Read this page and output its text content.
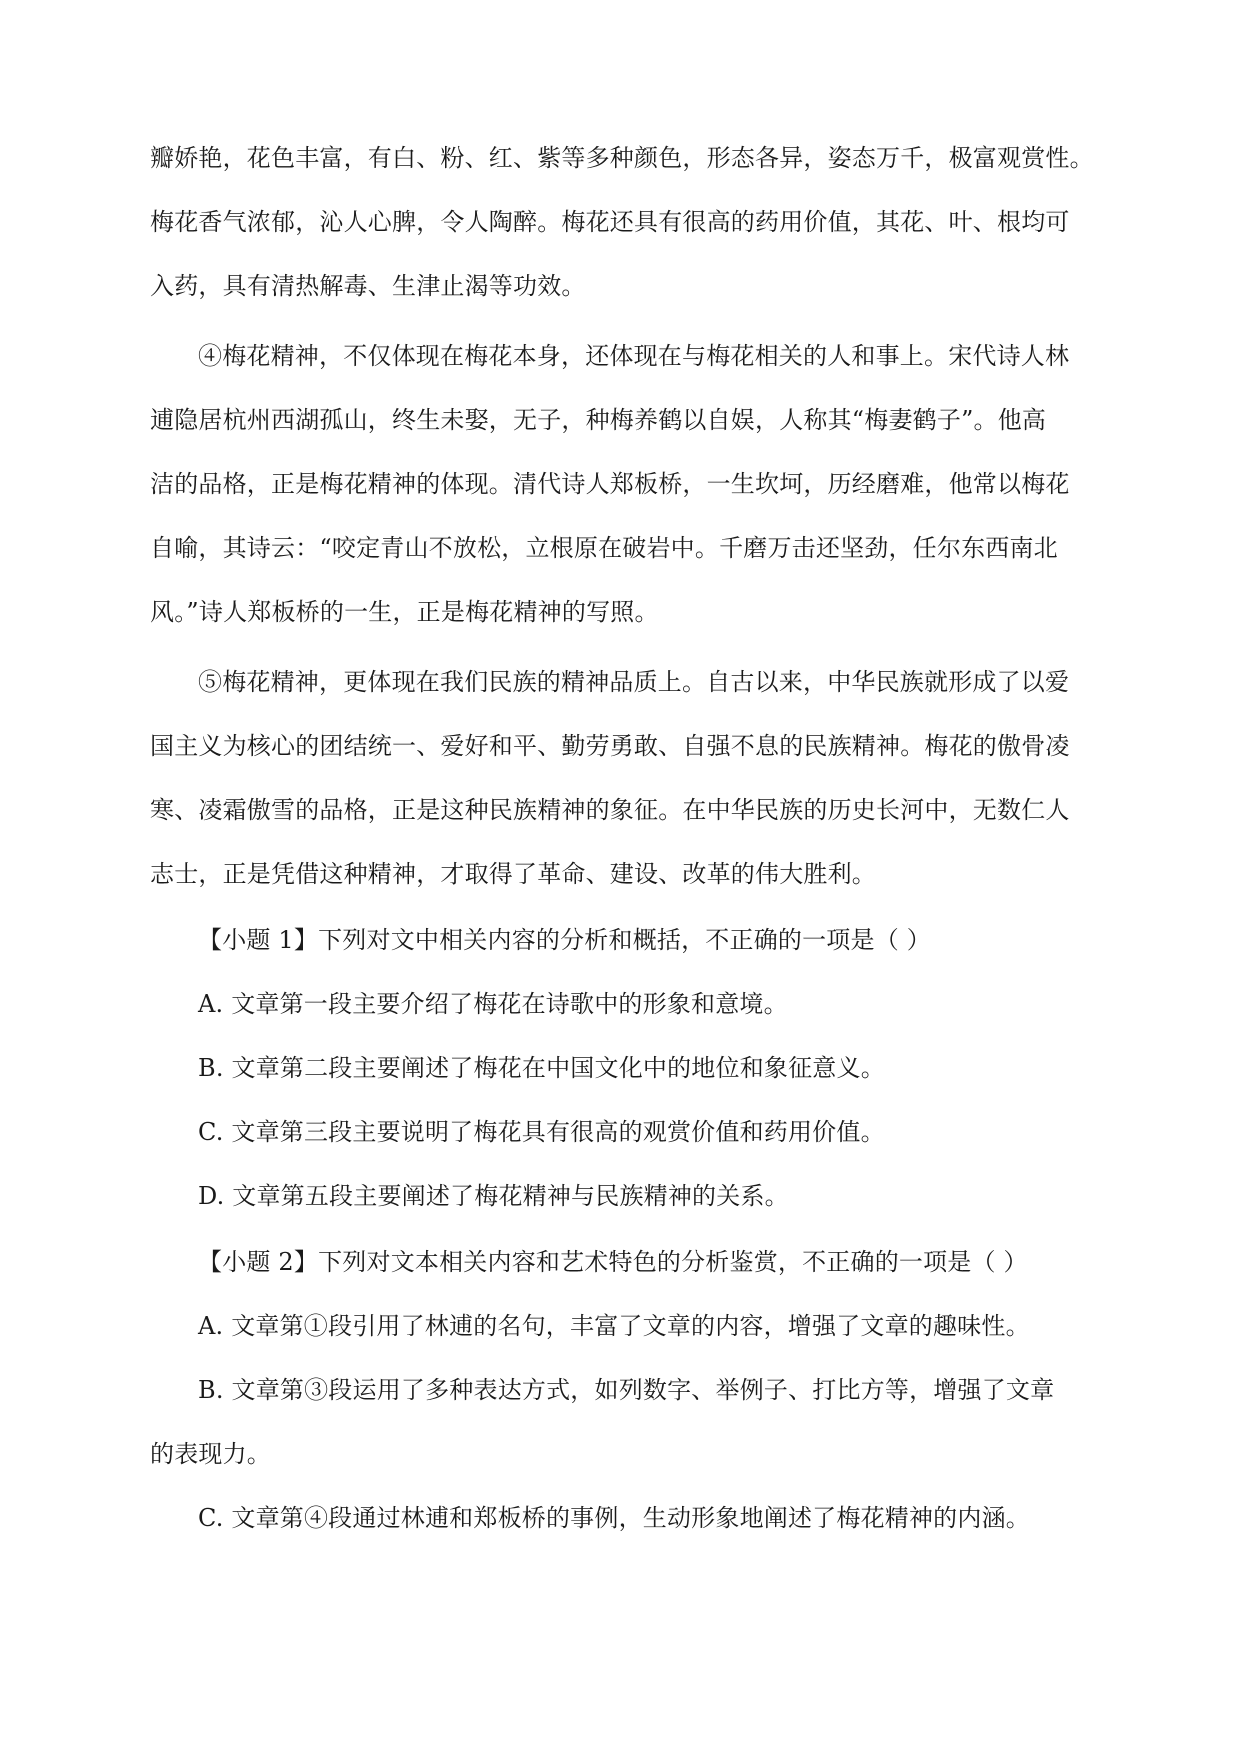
瓣娇艳，花色丰富，有白、粉、红、紫等多种颜色，形态各异，姿态万千，极富观赏性。
梅花香气浓郁，沁人心脾，令人陶醉。梅花还具有很高的药用价值，其花、叶、根均可
入药，具有清热解毒、生津止渴等功效。
④梅花精神，不仅体现在梅花本身，还体现在与梅花相关的人和事上。宋代诗人林
逋隐居杭州西湖孤山，终生未娶，无子，种梅养鹤以自娱，人称其“梅妻鹤子”。他高
洁的品格，正是梅花精神的体现。清代诗人郑板桥，一生坎坷，历经磨难，他常以梅花
自喻，其诗云：“咬定青山不放松，立根原在破岩中。千磨万击还坚劲，任尔东西南北
风。”诗人郑板桥的一生，正是梅花精神的写照。
⑤梅花精神，更体现在我们民族的精神品质上。自古以来，中华民族就形成了以爱
国主义为核心的团结统一、爱好和平、勤劳勇敢、自强不息的民族精神。梅花的傲骨凌
寒、凌霜傲雪的品格，正是这种民族精神的象征。在中华民族的历史长河中，无数仁人
志士，正是凭借这种精神，才取得了革命、建设、改革的伟大胜利。
【小题 1】下列对文中相关内容的分析和概括，不正确的一项是（ ）
A. 文章第一段主要介绍了梅花在诗歌中的形象和意境。
B. 文章第二段主要阐述了梅花在中国文化中的地位和象征意义。
C. 文章第三段主要说明了梅花具有很高的观赏价值和药用价值。
D. 文章第五段主要阐述了梅花精神与民族精神的关系。
【小题 2】下列对文本相关内容和艺术特色的分析鉴赏，不正确的一项是（ ）
A. 文章第①段引用了林逋的名句，丰富了文章的内容，增强了文章的趣味性。
B. 文章第③段运用了多种表达方式，如列数字、举例子、打比方等，增强了文章
的表现力。
C. 文章第④段通过林逋和郑板桥的事例，生动形象地阐述了梅花精神的内涵。
